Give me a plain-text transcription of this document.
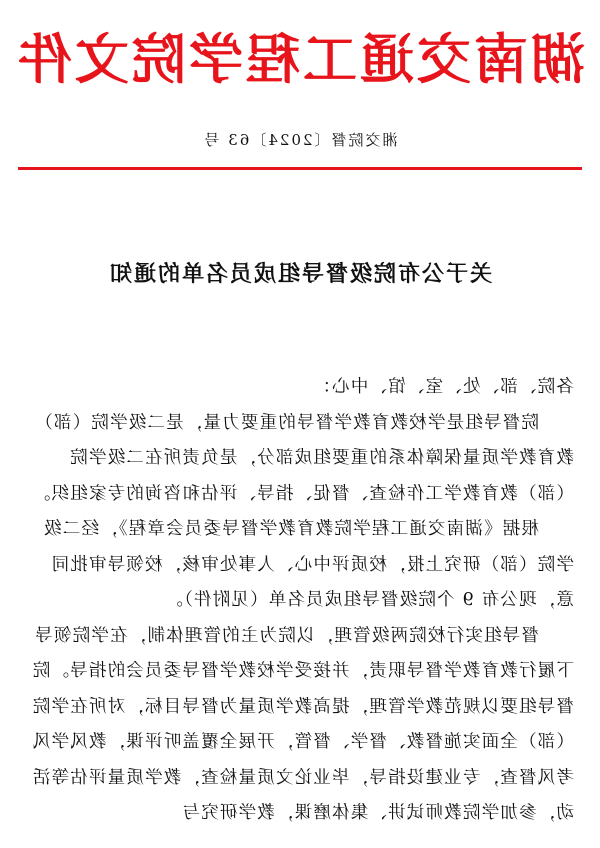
湖南交通工程学院文件
湘交院督〔2024〕63 号
关于公布院级督导组成员名单的通知

各院、部、处、室、馆、中心：

院督导组是学校教育教学督导的重要力量，是二级学院（部）教育教学质量保障体系的重要组成部分，是负责所在二级学院（部）教育教学工作检查、督促、指导、评估和咨询的专家组织。

根据《湖南交通工程学院教育教学督导委员会章程》，经二级学院（部）研究上报，校质评中心、人事处审核，校领导审批同意，现公布 9 个院级督导组成员名单（见附件）。

督导组实行校院两级管理，以院为主的管理体制，在学院领导下履行教育教学督导职责，并接受学校教学督导委员会的指导。院督导组要以规范教学管理，提高教学质量为督导目标，对所在学院（部）全面实施督教、督学、督管，开展全覆盖听评课，教风学风考风督查，专业建设指导，毕业论文质量检查，教学质量评估等活动，参加学院教师试讲、集体磨课，教学研究与
